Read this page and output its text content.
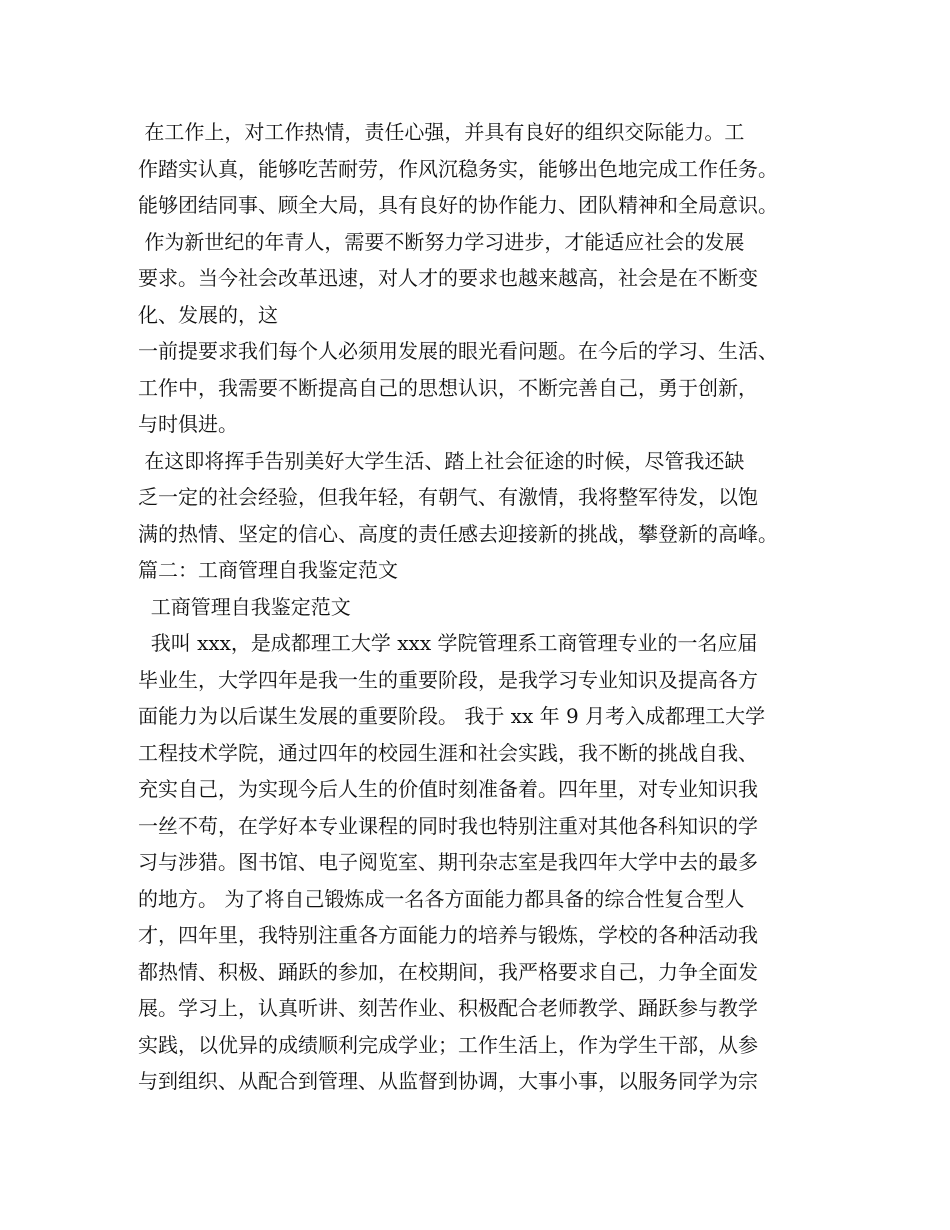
在工作上，对工作热情，责任心强，并具有良好的组织交际能力。工
作踏实认真，能够吃苦耐劳，作风沉稳务实，能够出色地完成工作任务。
能够团结同事、顾全大局，具有良好的协作能力、团队精神和全局意识。
作为新世纪的年青人，需要不断努力学习进步，才能适应社会的发展
要求。当今社会改革迅速，对人才的要求也越来越高，社会是在不断变
化、发展的，这
一前提要求我们每个人必须用发展的眼光看问题。在今后的学习、生活、
工作中，我需要不断提高自己的思想认识，不断完善自己，勇于创新，
与时俱进。
在这即将挥手告别美好大学生活、踏上社会征途的时候，尽管我还缺
乏一定的社会经验，但我年轻，有朝气、有激情，我将整军待发，以饱
满的热情、坚定的信心、高度的责任感去迎接新的挑战，攀登新的高峰。
篇二：工商管理自我鉴定范文
工商管理自我鉴定范文
我叫 xxx，是成都理工大学 xxx 学院管理系工商管理专业的一名应届
毕业生，大学四年是我一生的重要阶段，是我学习专业知识及提高各方
面能力为以后谋生发展的重要阶段。 我于 xx 年 9 月考入成都理工大学
工程技术学院，通过四年的校园生涯和社会实践，我不断的挑战自我、
充实自己，为实现今后人生的价值时刻准备着。四年里，对专业知识我
一丝不苟，在学好本专业课程的同时我也特别注重对其他各科知识的学
习与涉猎。图书馆、电子阅览室、期刊杂志室是我四年大学中去的最多
的地方。 为了将自己锻炼成一名各方面能力都具备的综合性复合型人
才，四年里，我特别注重各方面能力的培养与锻炼，学校的各种活动我
都热情、积极、踊跃的参加，在校期间，我严格要求自己，力争全面发
展。学习上，认真听讲、刻苦作业、积极配合老师教学、踊跃参与教学
实践，以优异的成绩顺利完成学业；工作生活上，作为学生干部，从参
与到组织、从配合到管理、从监督到协调，大事小事，以服务同学为宗
